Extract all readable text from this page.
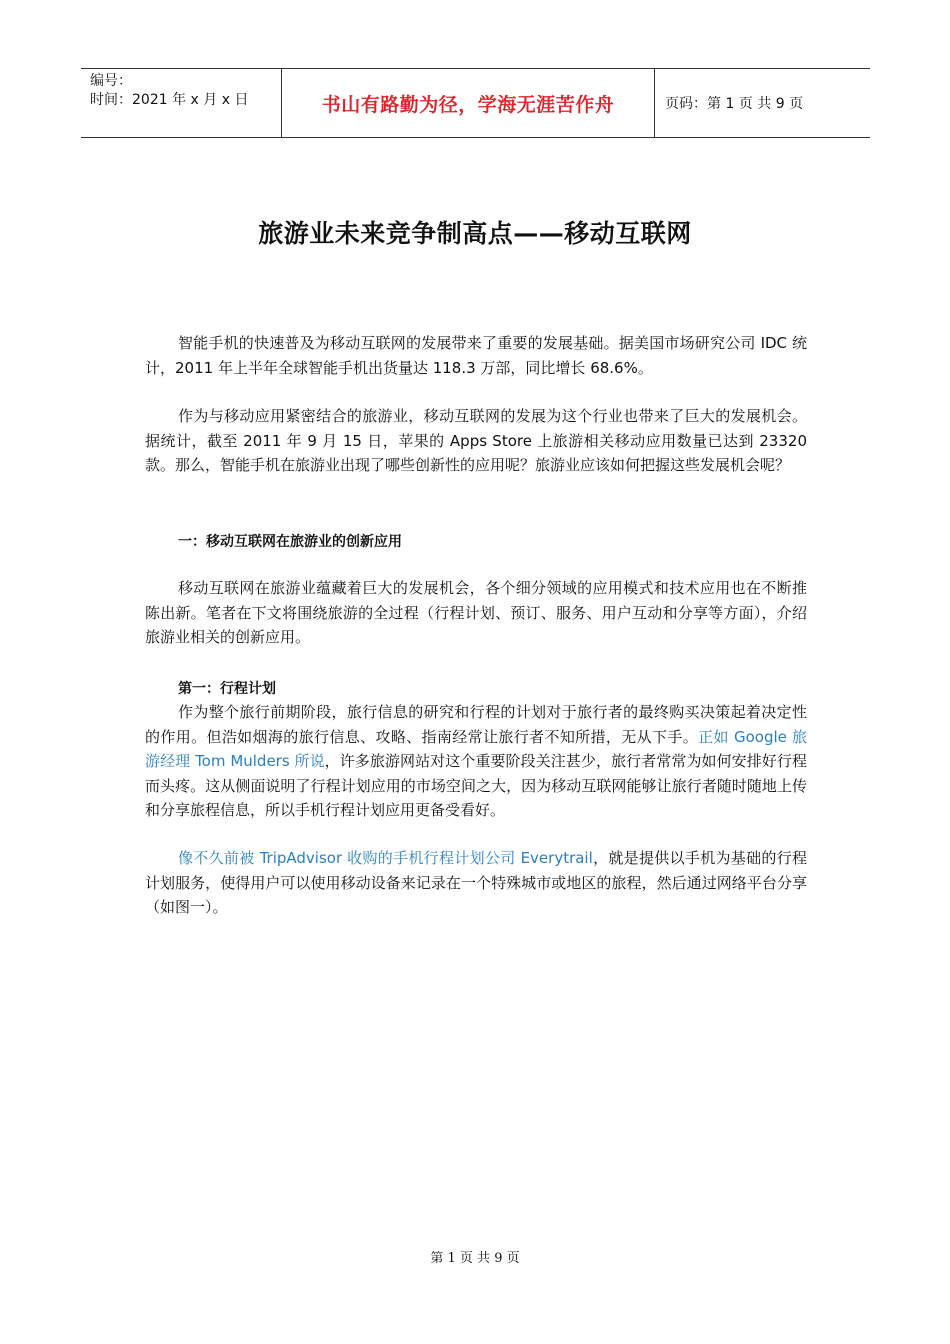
编号：
时间：2021 年 x 月 x 日	书山有路勤为径，学海无涯苦作舟	页码：第 1 页 共 9 页
旅游业未来竞争制高点——移动互联网

智能手机的快速普及为移动互联网的发展带来了重要的发展基础。据美国市场研究公司 IDC 统计，2011 年上半年全球智能手机出货量达 118.3 万部，同比增长 68.6%。

作为与移动应用紧密结合的旅游业，移动互联网的发展为这个行业也带来了巨大的发展机会。据统计，截至 2011 年 9 月 15 日，苹果的 Apps Store 上旅游相关移动应用数量已达到 23320 款。那么，智能手机在旅游业出现了哪些创新性的应用呢？旅游业应该如何把握这些发展机会呢？

一：移动互联网在旅游业的创新应用

移动互联网在旅游业蕴藏着巨大的发展机会，各个细分领域的应用模式和技术应用也在不断推陈出新。笔者在下文将围绕旅游的全过程（行程计划、预订、服务、用户互动和分享等方面），介绍旅游业相关的创新应用。

第一：行程计划

作为整个旅行前期阶段，旅行信息的研究和行程的计划对于旅行者的最终购买决策起着决定性的作用。但浩如烟海的旅行信息、攻略、指南经常让旅行者不知所措，无从下手。正如 Google 旅游经理 Tom Mulders 所说，许多旅游网站对这个重要阶段关注甚少，旅行者常常为如何安排好行程而头疼。这从侧面说明了行程计划应用的市场空间之大，因为移动互联网能够让旅行者随时随地上传和分享旅程信息，所以手机行程计划应用更备受看好。

像不久前被 TripAdvisor 收购的手机行程计划公司 Everytrail，就是提供以手机为基础的行程计划服务，使得用户可以使用移动设备来记录在一个特殊城市或地区的旅程，然后通过网络平台分享（如图一）。

第 1 页 共 9 页
